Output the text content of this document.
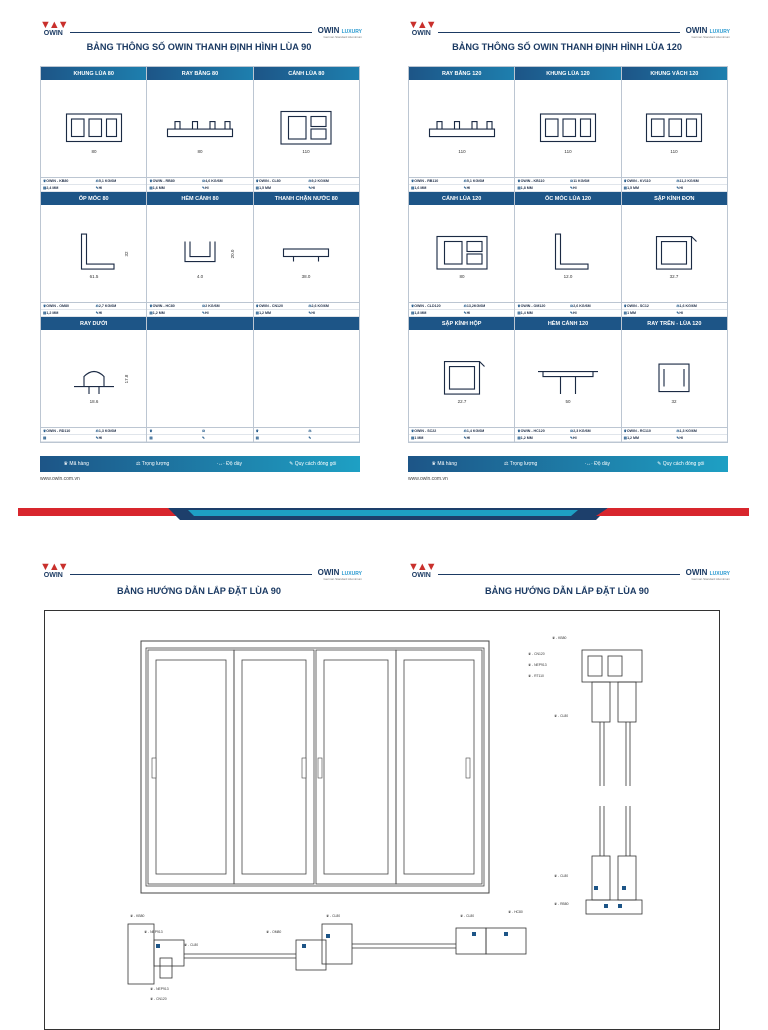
▼▲▼
OWIN	OWIN LUXURY
German Standard Aluminium
BẢNG THÔNG SỐ OWIN THANH ĐỊNH HÌNH LÙA 90
KHUNG LÙA 80
80
♛ OWIN - KB80	⚖ 5,1 KG/6M
▤ 2,4 MM	✎ HI
RAY BẰNG 80
80
♛ OWIN - RB80	⚖ 4,6 KG/6M
▤ 1,6 MM	✎ HI
CÁNH LÙA 80
110
♛ OWIN - CL80	⚖ 9,2 KG/6M
▤ 1,5 MM	✎ HI
ỐP MÓC 80
61.5
32
♛ OWIN - OM80	⚖ 2,7 KG/6M
▤ 1,2 MM	✎ HI
HÈM CÁNH 80
4.0
20.0
♛ OWIN - HC80	⚖ 2 KG/6M
▤ 1,2 MM	✎ HI
THANH CHẶN NƯỚC 80
38.0
♛ OWIN - CN120	⚖ 2,6 KG/6M
▤ 1,2 MM	✎ HI
RAY DƯỚI
18.6
17.8
♛ OWIN - RD110	⚖ 1,3 KG/6M
▤	✎ HI
♛	⚖
▤	✎
♛	⚖
▤	✎
♛ Mã hàng	⚖ Trọng lượng	·↔· Độ dày	✎ Quy cách đóng gói
www.owin.com.vn
▼▲▼
OWIN	OWIN LUXURY
German Standard Aluminium
BẢNG THÔNG SỐ OWIN THANH ĐỊNH HÌNH LÙA 120
RAY BẰNG 120
110
♛ OWIN - RB110	⚖ 5,1 KG/6M
▤ 1,6 MM	✎ HI
KHUNG LÙA 120
110
♛ OWIN - KB110	⚖ 11 KG/6M
▤ 1,8 MM	✎ HI
KHUNG VÁCH 120
110
♛ OWIN - KV110	⚖ 11,2 KG/6M
▤ 1,5 MM	✎ HI
CÁNH LÙA 120
80
♛ OWIN - CLD120	⚖ 13,2KG/6M
▤ 1,8 MM	✎ HI
ỐC MÓC LÙA 120
12.0
♛ OWIN - OM120	⚖ 2,6 KG/6M
▤ 1,4 MM	✎ HI
SẬP KÍNH ĐƠN
32.7
♛ OWIN - SC12	⚖ 1,6 KG/6M
▤ 1 MM	✎ HI
SẬP KÍNH HỘP
22.7
♛ OWIN - SC22	⚖ 1,4 KG/6M
▤ 1 MM	✎ HI
HÈM CÁNH 120
50
♛ OWIN - HC120	⚖ 2,3 KG/6M
▤ 1,2 MM	✎ HI
RAY TRÊN - LÙA 120
32
♛ OWIN - RC110	⚖ 1,3 KG/6M
▤ 1,2 MM	✎ HI
♛ Mã hàng	⚖ Trọng lượng	·↔· Độ dày	✎ Quy cách đóng gói
www.owin.com.vn
▼▲▼
OWIN	OWIN LUXURY
German Standard Aluminium
BẢNG HƯỚNG DẪN LẮP ĐẶT LÙA 90
▼▲▼
OWIN	OWIN LUXURY
German Standard Aluminium
BẢNG HƯỚNG DẪN LẮP ĐẶT LÙA 90
♛ - KB80
♛ - CN120
♛ - NEP913
♛ - RT110
♛ - CL80
♛ - CL80
♛ - RB80
♛ - KB80
♛ - NEP913
♛ - CL80
♛ - OM80
♛ - CL80	♛ - CL80
♛ - HC80
♛ - NEP913
♛ - CN120
